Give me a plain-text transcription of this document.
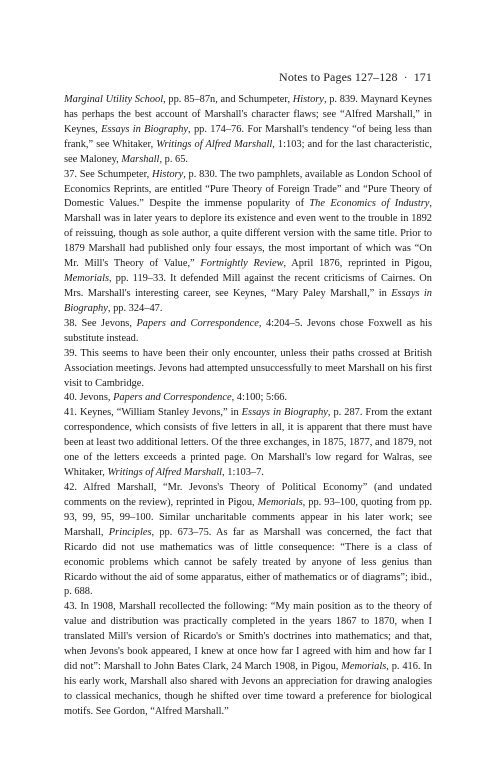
Notes to Pages 127–128 · 171

Marginal Utility School, pp. 85–87n, and Schumpeter, History, p. 839. Maynard Keynes has perhaps the best account of Marshall's character flaws; see “Alfred Marshall,” in Keynes, Essays in Biography, pp. 174–76. For Marshall's tendency “of being less than frank,” see Whitaker, Writings of Alfred Marshall, 1:103; and for the last characteristic, see Maloney, Marshall, p. 65.

37. See Schumpeter, History, p. 830. The two pamphlets, available as London School of Economics Reprints, are entitled “Pure Theory of Foreign Trade” and “Pure Theory of Domestic Values.” Despite the immense popularity of The Economics of Industry, Marshall was in later years to deplore its existence and even went to the trouble in 1892 of reissuing, though as sole author, a quite different version with the same title. Prior to 1879 Marshall had published only four essays, the most important of which was “On Mr. Mill's Theory of Value,” Fortnightly Review, April 1876, reprinted in Pigou, Memorials, pp. 119–33. It defended Mill against the recent criticisms of Cairnes. On Mrs. Marshall's interesting career, see Keynes, “Mary Paley Marshall,” in Essays in Biography, pp. 324–47.

38. See Jevons, Papers and Correspondence, 4:204–5. Jevons chose Foxwell as his substitute instead.

39. This seems to have been their only encounter, unless their paths crossed at British Association meetings. Jevons had attempted unsuccessfully to meet Marshall on his first visit to Cambridge.

40. Jevons, Papers and Correspondence, 4:100; 5:66.

41. Keynes, “William Stanley Jevons,” in Essays in Biography, p. 287. From the extant correspondence, which consists of five letters in all, it is apparent that there must have been at least two additional letters. Of the three exchanges, in 1875, 1877, and 1879, not one of the letters exceeds a printed page. On Marshall's low regard for Walras, see Whitaker, Writings of Alfred Marshall, 1:103–7.

42. Alfred Marshall, “Mr. Jevons's Theory of Political Economy” (and undated comments on the review), reprinted in Pigou, Memorials, pp. 93–100, quoting from pp. 93, 99, 95, 99–100. Similar uncharitable comments appear in his later work; see Marshall, Principles, pp. 673–75. As far as Marshall was concerned, the fact that Ricardo did not use mathematics was of little consequence: “There is a class of economic problems which cannot be safely treated by anyone of less genius than Ricardo without the aid of some apparatus, either of mathematics or of diagrams”; ibid., p. 688.

43. In 1908, Marshall recollected the following: “My main position as to the theory of value and distribution was practically completed in the years 1867 to 1870, when I translated Mill's version of Ricardo's or Smith's doctrines into mathematics; and that, when Jevons's book appeared, I knew at once how far I agreed with him and how far I did not”: Marshall to John Bates Clark, 24 March 1908, in Pigou, Memorials, p. 416. In his early work, Marshall also shared with Jevons an appreciation for drawing analogies to classical mechanics, though he shifted over time toward a preference for biological motifs. See Gordon, “Alfred Marshall.”
